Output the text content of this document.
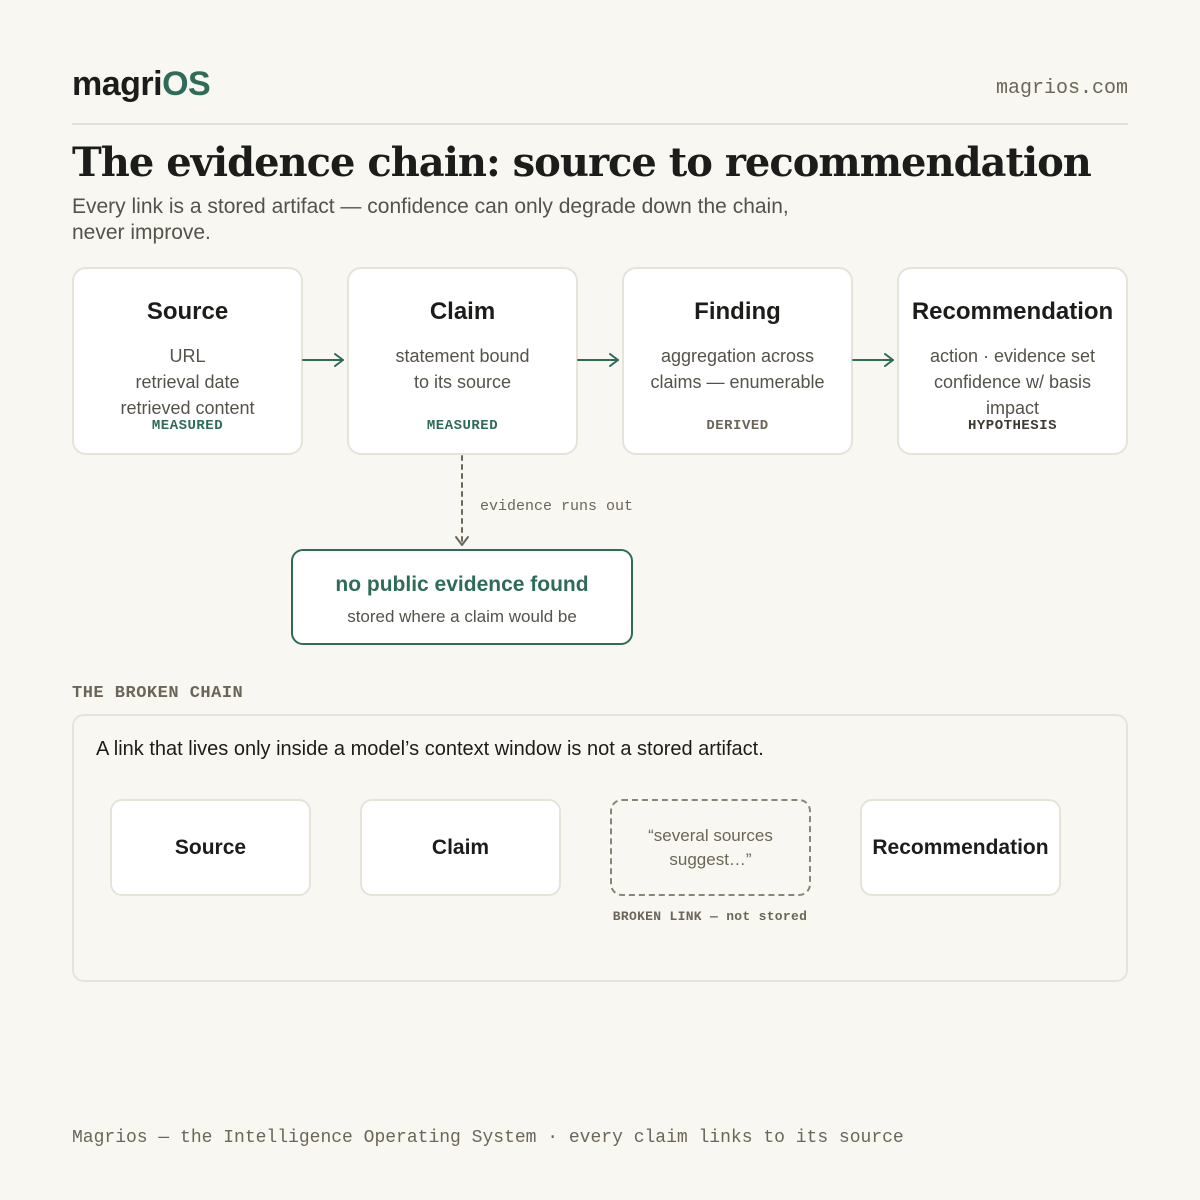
magriOS	magrios.com
The evidence chain: source to recommendation
Every link is a stored artifact — confidence can only degrade down the chain,
never improve.
Source
URL
retrieval date
retrieved content
Claim
statement bound
to its source
Finding
aggregation across
claims — enumerable
Recommendation
action · evidence set
confidence w/ basis
impact
MEASURED	MEASURED	DERIVED	HYPOTHESIS
evidence runs out
no public evidence found
stored where a claim would be
THE BROKEN CHAIN
A link that lives only inside a model’s context window is not a stored artifact.
Source	Claim
“several sources
suggest…”
Recommendation
BROKEN LINK — not stored
Magrios — the Intelligence Operating System · every claim links to its source
